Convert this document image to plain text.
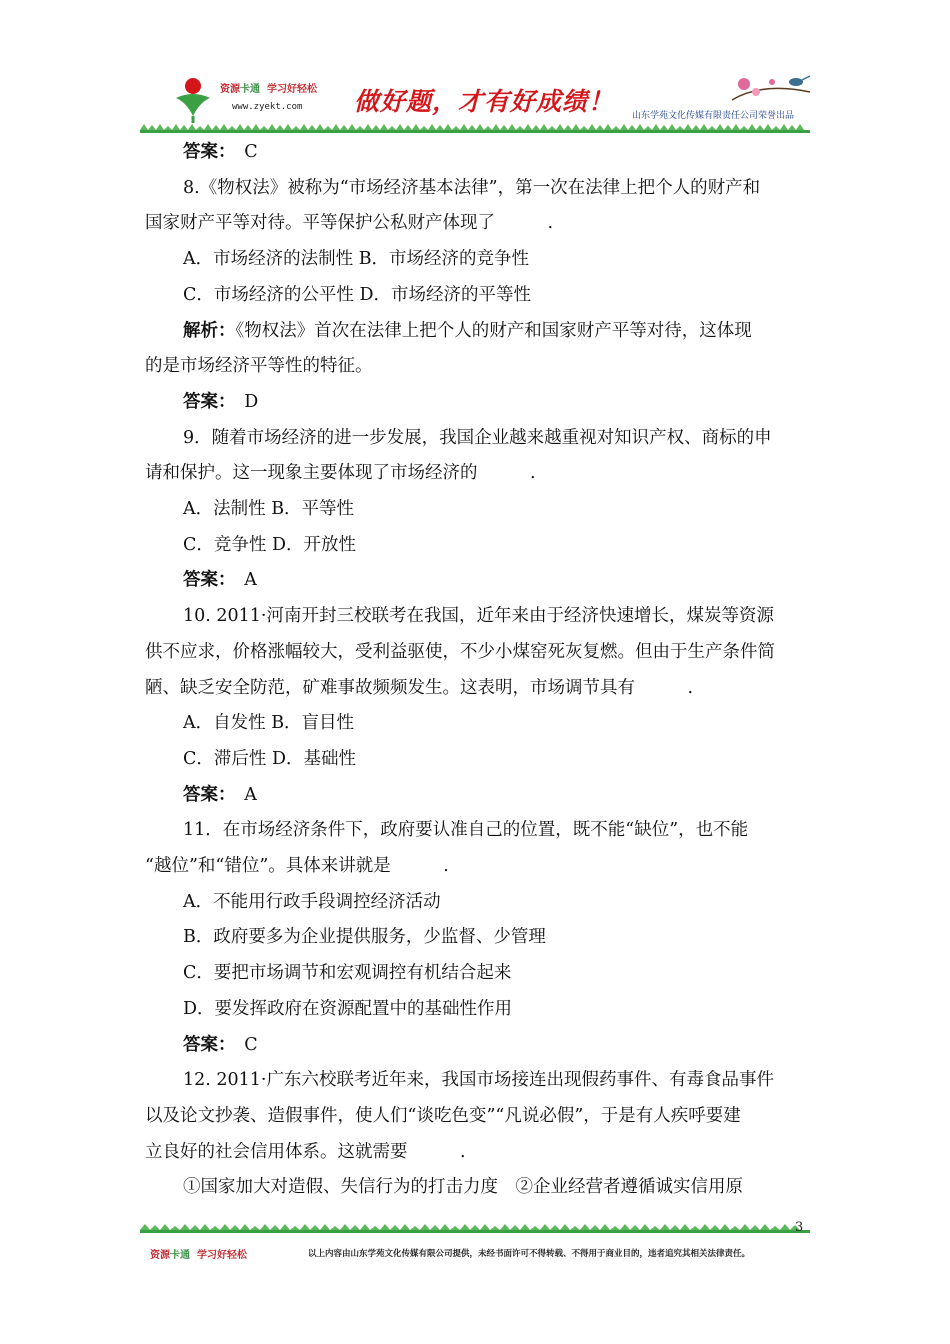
资源卡通 学习好轻松
www.zyekt.com 做好题，才有好成绩！ 山东学苑文化传媒有限责任公司荣誉出品
答案：　C
8.《物权法》被称为“市场经济基本法律”，第一次在法律上把个人的财产和
国家财产平等对待。平等保护公私财产体现了　　　.
A．市场经济的法制性 B．市场经济的竞争性
C．市场经济的公平性 D．市场经济的平等性
解析：《物权法》首次在法律上把个人的财产和国家财产平等对待，这体现
的是市场经济平等性的特征。
答案：　D
9．随着市场经济的进一步发展，我国企业越来越重视对知识产权、商标的申
请和保护。这一现象主要体现了市场经济的　　　.
A．法制性 B．平等性
C．竞争性 D．开放性
答案：　A
10. 2011·河南开封三校联考在我国，近年来由于经济快速增长，煤炭等资源
供不应求，价格涨幅较大，受利益驱使，不少小煤窑死灰复燃。但由于生产条件简
陋、缺乏安全防范，矿难事故频频发生。这表明，市场调节具有　　　.
A．自发性 B．盲目性
C．滞后性 D．基础性
答案：　A
11．在市场经济条件下，政府要认准自己的位置，既不能“缺位”，也不能
“越位”和“错位”。具体来讲就是　　　.
A．不能用行政手段调控经济活动
B．政府要多为企业提供服务，少监督、少管理
C．要把市场调节和宏观调控有机结合起来
D．要发挥政府在资源配置中的基础性作用
答案：　C
12. 2011·广东六校联考近年来，我国市场接连出现假药事件、有毒食品事件
以及论文抄袭、造假事件，使人们“谈吃色变”“凡说必假”，于是有人疾呼要建
立良好的社会信用体系。这就需要　　　.
①国家加大对造假、失信行为的打击力度　②企业经营者遵循诚实信用原
3
资源卡通 学习好轻松	以上内容由山东学苑文化传媒有限公司提供，未经书面许可不得转载、不得用于商业目的，违者追究其相关法律责任。
